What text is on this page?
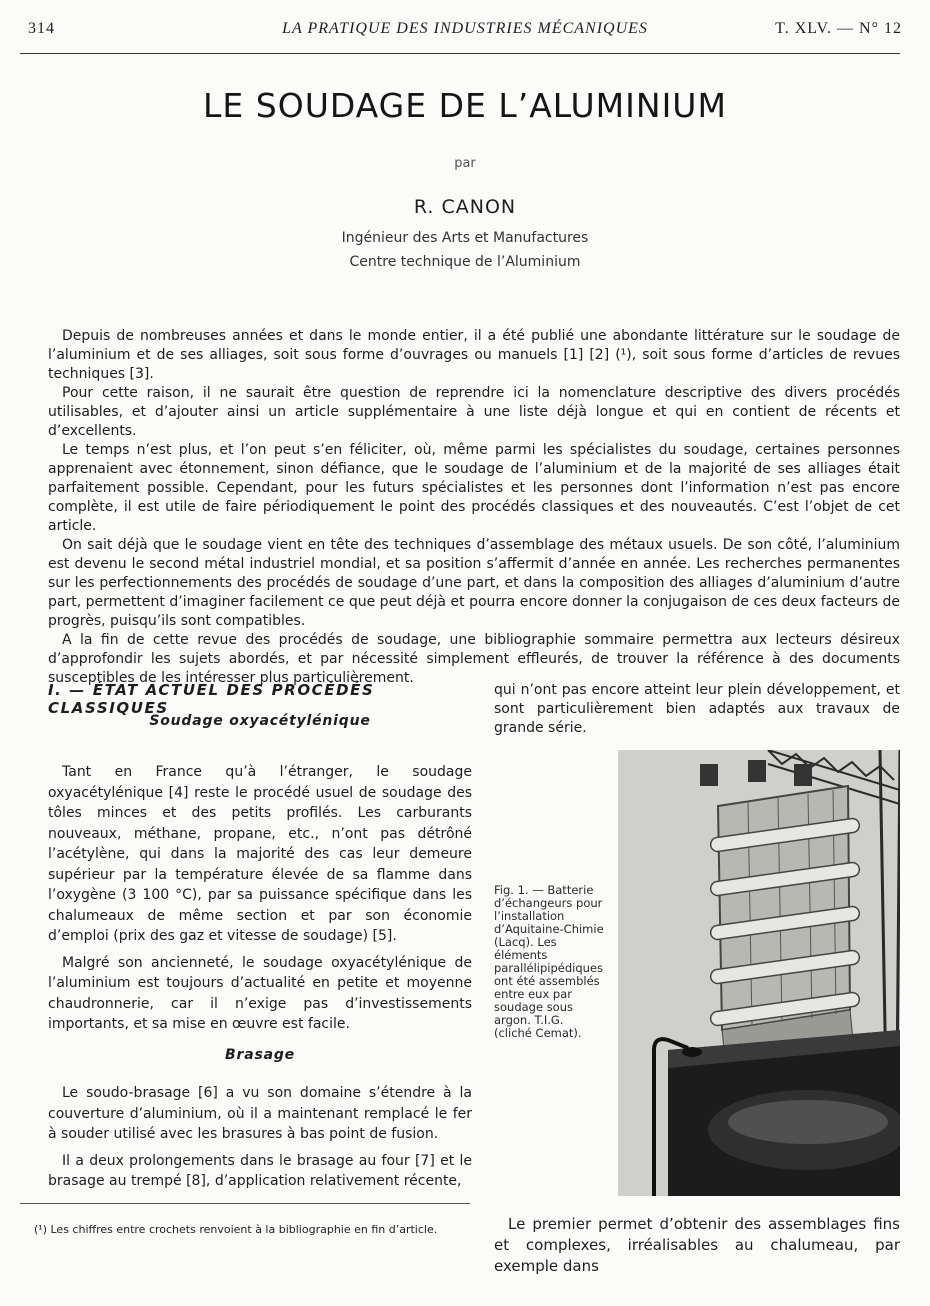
314	LA PRATIQUE DES INDUSTRIES MÉCANIQUES	T. XLV. — N° 12
LE SOUDAGE DE L’ALUMINIUM
par
R. CANON
Ingénieur des Arts et Manufactures
Centre technique de l’Aluminium

Depuis de nombreuses années et dans le monde entier, il a été publié une abondante littérature sur le soudage de l’aluminium et de ses alliages, soit sous forme d’ouvrages ou manuels [1] [2] (¹), soit sous forme d’articles de revues techniques [3].

Pour cette raison, il ne saurait être question de reprendre ici la nomenclature descriptive des divers procédés utilisables, et d’ajouter ainsi un article supplémentaire à une liste déjà longue et qui en contient de récents et d’excellents.

Le temps n’est plus, et l’on peut s’en féliciter, où, même parmi les spécialistes du soudage, certaines personnes apprenaient avec étonnement, sinon défiance, que le soudage de l’aluminium et de la majorité de ses alliages était parfaitement possible. Cependant, pour les futurs spécialistes et les personnes dont l’information n’est pas encore complète, il est utile de faire périodiquement le point des procédés classiques et des nouveautés. C’est l’objet de cet article.

On sait déjà que le soudage vient en tête des techniques d’assemblage des métaux usuels. De son côté, l’aluminium est devenu le second métal industriel mondial, et sa position s’affermit d’année en année. Les recherches permanentes sur les perfectionnements des procédés de soudage d’une part, et dans la composition des alliages d’aluminium d’autre part, permettent d’imaginer facilement ce que peut déjà et pourra encore donner la conjugaison de ces deux facteurs de progrès, puisqu’ils sont compatibles.

A la fin de cette revue des procédés de soudage, une bibliographie sommaire permettra aux lecteurs désireux d’approfondir les sujets abordés, et par nécessité simplement effleurés, de trouver la référence à des documents susceptibles de les intéresser plus particulièrement.

I. — ÉTAT ACTUEL DES PROCÉDÉS CLASSIQUES
Soudage oxyacétylénique

Tant en France qu’à l’étranger, le soudage oxyacétylénique [4] reste le procédé usuel de soudage des tôles minces et des petits profilés. Les carburants nouveaux, méthane, propane, etc., n’ont pas détrôné l’acétylène, qui dans la majorité des cas leur demeure supérieur par la température élevée de sa flamme dans l’oxygène (3 100 °C), par sa puissance spécifique dans les chalumeaux de même section et par son économie d’emploi (prix des gaz et vitesse de soudage) [5].

Malgré son ancienneté, le soudage oxyacétylénique de l’aluminium est toujours d’actualité en petite et moyenne chaudronnerie, car il n’exige pas d’investissements importants, et sa mise en œuvre est facile.

Brasage

Le soudo-brasage [6] a vu son domaine s’étendre à la couverture d’aluminium, où il a maintenant remplacé le fer à souder utilisé avec les brasures à bas point de fusion.

Il a deux prolongements dans le brasage au four [7] et le brasage au trempé [8], d’application relativement récente,

(¹) Les chiffres entre crochets renvoient à la bibliographie en fin d’article.

qui n’ont pas encore atteint leur plein développement, et sont particulièrement bien adaptés aux travaux de grande série.

Fig. 1. — Batterie d’échangeurs pour l’installation d’Aquitaine-Chimie (Lacq). Les éléments parallélipipédiques ont été assemblés entre eux par soudage sous argon. T.I.G. (cliché Cemat).

Le premier permet d’obtenir des assemblages fins et complexes, irréalisables au chalumeau, par exemple dans
